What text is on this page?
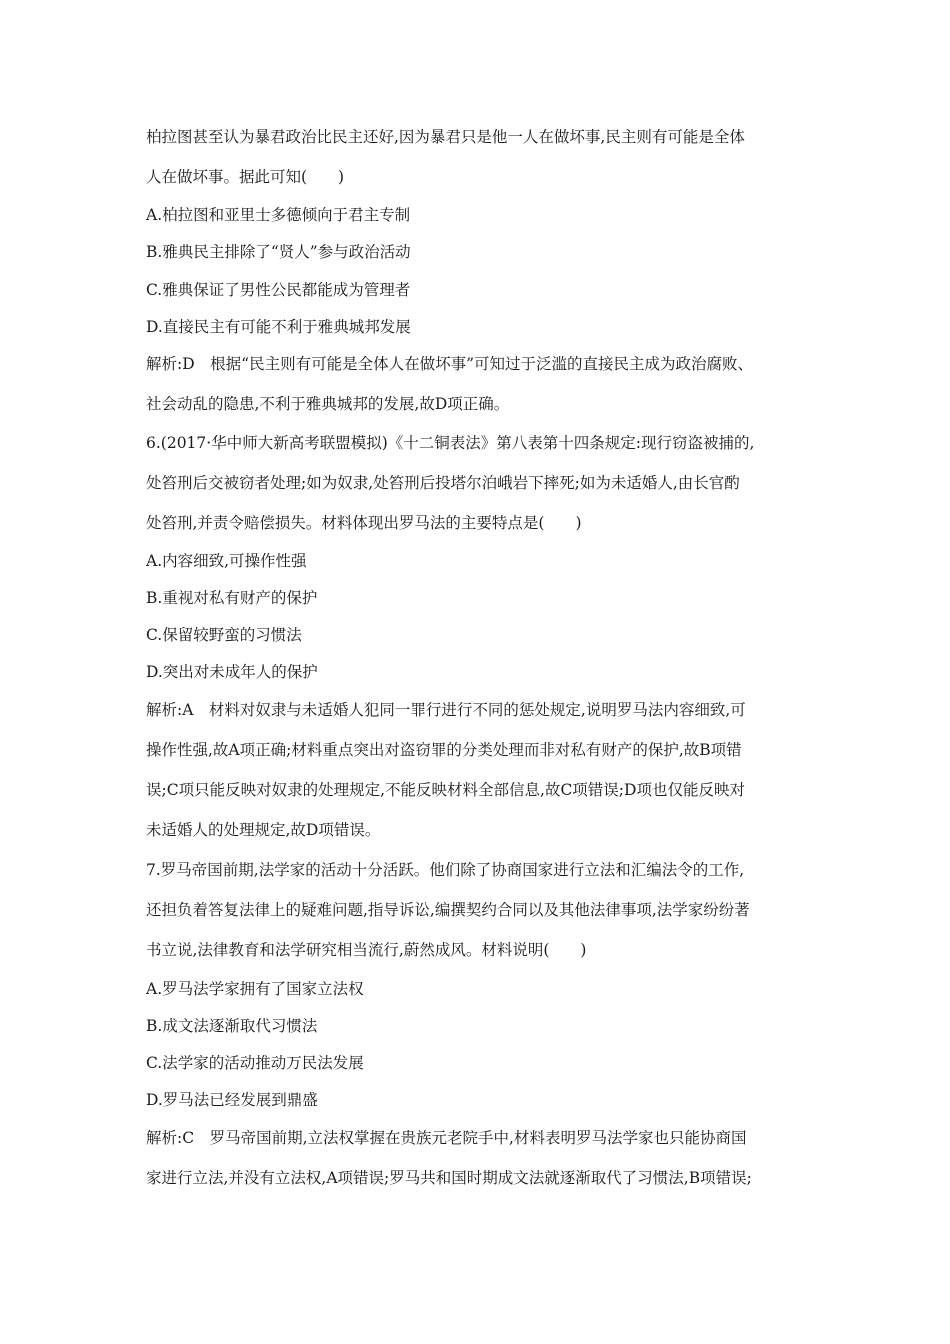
柏拉图甚至认为暴君政治比民主还好,因为暴君只是他一人在做坏事,民主则有可能是全体
人在做坏事。据此可知(　　)
A.柏拉图和亚里士多德倾向于君主专制
B.雅典民主排除了“贤人”参与政治活动
C.雅典保证了男性公民都能成为管理者
D.直接民主有可能不利于雅典城邦发展
解析:D　根据“民主则有可能是全体人在做坏事”可知过于泛滥的直接民主成为政治腐败、
社会动乱的隐患,不利于雅典城邦的发展,故D项正确。
6.(2017·华中师大新高考联盟模拟)《十二铜表法》第八表第十四条规定:现行窃盗被捕的,
处笞刑后交被窃者处理;如为奴隶,处笞刑后投塔尔泊峨岩下摔死;如为未适婚人,由长官酌
处笞刑,并责令赔偿损失。材料体现出罗马法的主要特点是(　　)
A.内容细致,可操作性强
B.重视对私有财产的保护
C.保留较野蛮的习惯法
D.突出对未成年人的保护
解析:A　材料对奴隶与未适婚人犯同一罪行进行不同的惩处规定,说明罗马法内容细致,可
操作性强,故A项正确;材料重点突出对盗窃罪的分类处理而非对私有财产的保护,故B项错
误;C项只能反映对奴隶的处理规定,不能反映材料全部信息,故C项错误;D项也仅能反映对
未适婚人的处理规定,故D项错误。
7.罗马帝国前期,法学家的活动十分活跃。他们除了协商国家进行立法和汇编法令的工作,
还担负着答复法律上的疑难问题,指导诉讼,编撰契约合同以及其他法律事项,法学家纷纷著
书立说,法律教育和法学研究相当流行,蔚然成风。材料说明(　　)
A.罗马法学家拥有了国家立法权
B.成文法逐渐取代习惯法
C.法学家的活动推动万民法发展
D.罗马法已经发展到鼎盛
解析:C　罗马帝国前期,立法权掌握在贵族元老院手中,材料表明罗马法学家也只能协商国
家进行立法,并没有立法权,A项错误;罗马共和国时期成文法就逐渐取代了习惯法,B项错误;
